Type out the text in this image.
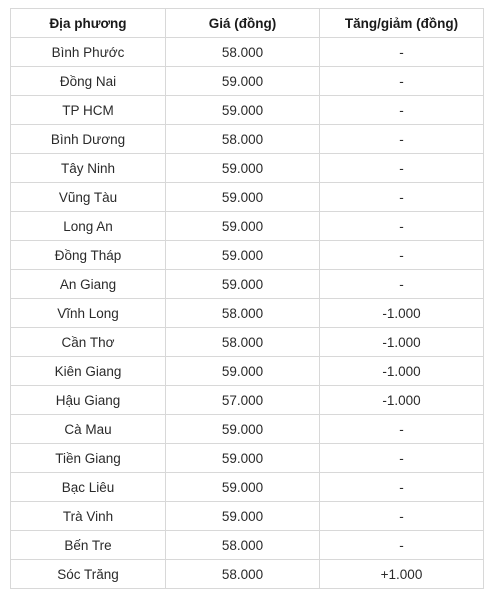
Địa phương	Giá (đồng)	Tăng/giảm (đồng)
Bình Phước	58.000	-
Đồng Nai	59.000	-
TP HCM	59.000	-
Bình Dương	58.000	-
Tây Ninh	59.000	-
Vũng Tàu	59.000	-
Long An	59.000	-
Đồng Tháp	59.000	-
An Giang	59.000	-
Vĩnh Long	58.000	-1.000
Cần Thơ	58.000	-1.000
Kiên Giang	59.000	-1.000
Hậu Giang	57.000	-1.000
Cà Mau	59.000	-
Tiền Giang	59.000	-
Bạc Liêu	59.000	-
Trà Vinh	59.000	-
Bến Tre	58.000	-
Sóc Trăng	58.000	+1.000
